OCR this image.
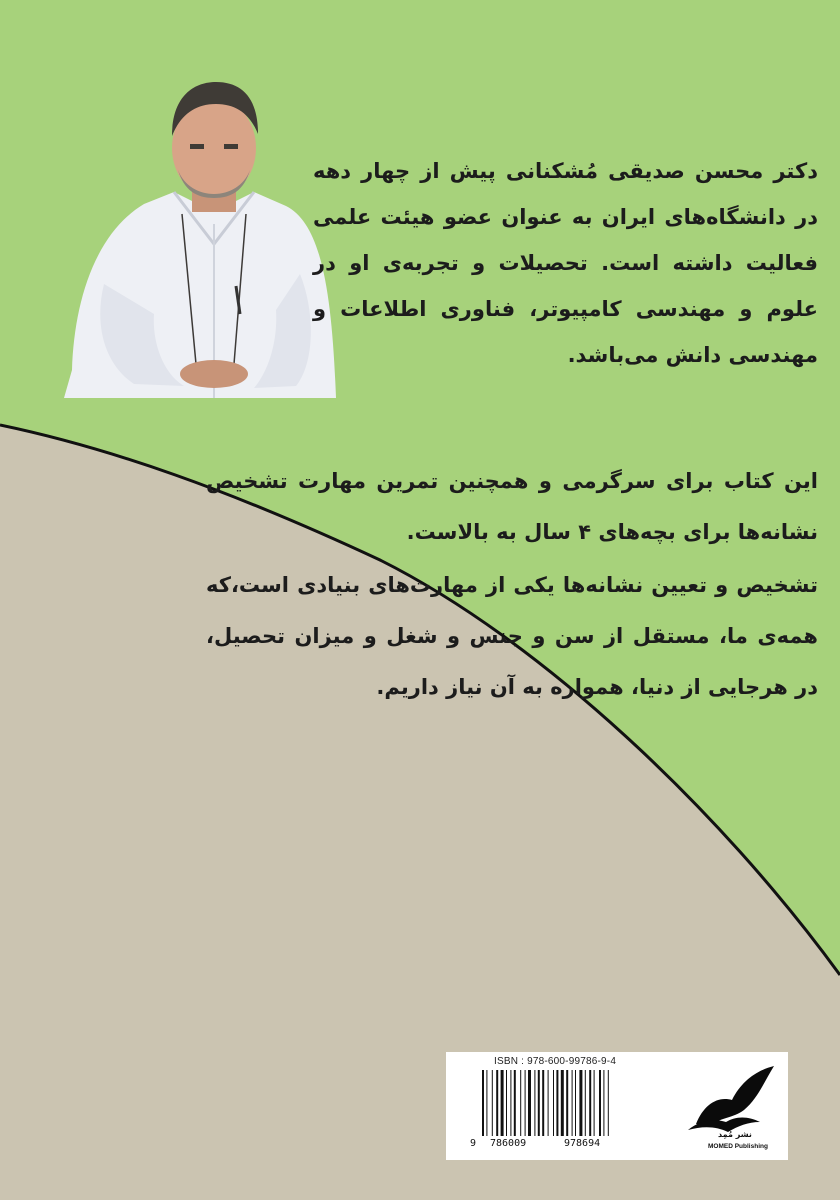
دکتر محسن صدیقی مُشکنانی پیش از چهار دهه در دانشگاه‌های ایران به‌ عنوان عضو هیئت علمی فعالیت داشته است. تحصیلات و تجربه‌ی او در علوم و مهندسی کامپیوتر، فناوری اطلاعات و مهندسی دانش می‌باشد.

این کتاب برای سرگرمی و همچنین تمرین مهارت تشخیص نشانه‌ها برای بچه‌های ۴ سال به بالاست.

تشخیص و تعیین نشانه‌ها یکی از مهارت‌های بنیادی است،که همه‌ی ما، مستقل از سن و جنس و شغل و میزان تحصیل، در هرجایی از دنیا، همواره به آن نیاز داریم.

ISBN : 978-600-99786-9-4
9 786009	978694
نشر مُمِد
MOMED Publishing
